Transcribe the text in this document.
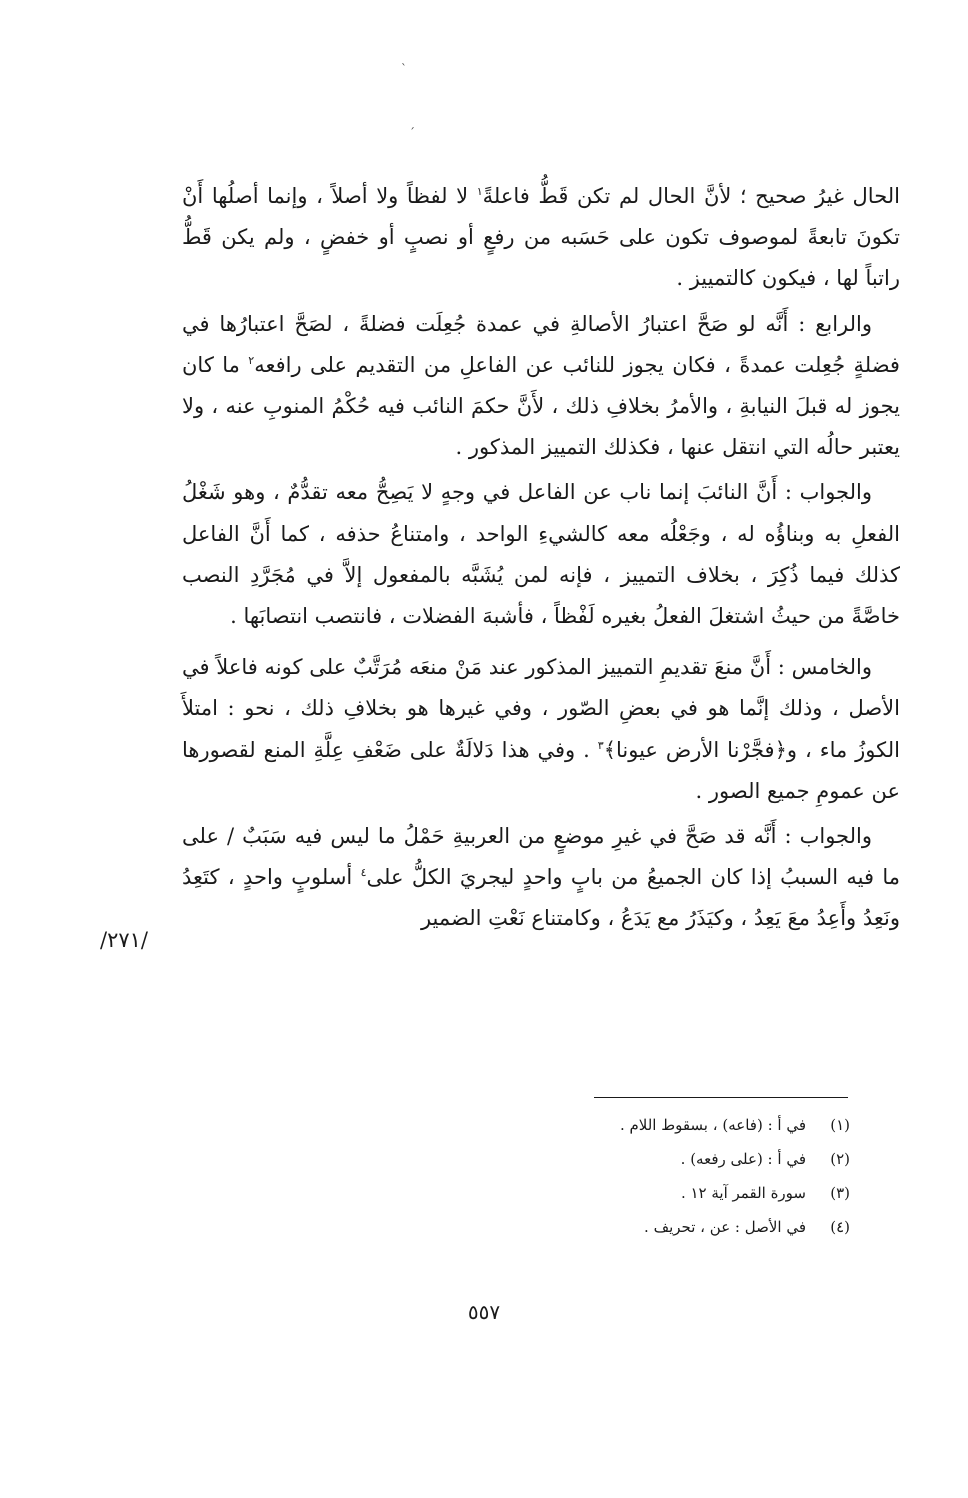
ˋ
ˊ

الحال غيرُ صحيح ؛ لأنَّ الحال لم تكن قَطُّ فاعلةً$^١$ لا لفظاً ولا أصلاً ، وإنما أصلُها أَنْ تكونَ تابعةً لموصوف تكون على حَسَبه من رفعٍ أو نصبٍ أو خفضٍ ، ولم يكن قَطُّ راتباً لها ، فيكون كالتمييز .

والرابع : أَنَّه لو صَحَّ اعتبارُ الأصالةِ في عمدة جُعِلَت فضلةً ، لصَحَّ اعتبارُها في فضلةٍ جُعِلت عمدةً ، فكان يجوز للنائب عن الفاعلِ من التقديم على رافعه$^٢$ ما كان يجوز له قبلَ النيابةِ ، والأمرُ بخلافِ ذلك ، لأَنَّ حكمَ النائب فيه حُكْمُ المنوبِ عنه ، ولا يعتبر حالُه التي انتقل عنها ، فكذلك التمييز المذكور .

والجواب : أَنَّ النائبَ إنما ناب عن الفاعل في وجهٍ لا يَصِحُّ معه تقدُّمٌ ، وهو شَغْلُ الفعلِ به وبناؤُه له ، وجَعْلُه معه كالشيءِ الواحد ، وامتناعُ حذفه ، كما أَنَّ الفاعل كذلك فيما ذُكِرَ ، بخلاف التمييز ، فإنه لمن يُشَبَّه بالمفعول إلاَّ في مُجَرَّدِ النصب خاصَّةً من حيثُ اشتغلَ الفعلُ بغيره لَفْظاً ، فأشبهَ الفضلات ، فانتصب انتصابَها .

والخامس : أَنَّ منعَ تقديمِ التمييز المذكور عند مَنْ منعَه مُرَتَّبٌ على كونه فاعلاً في الأصل ، وذلك إنَّما هو في بعضِ الصّور ، وفي غيرها هو بخلافِ ذلك ، نحو : امتلأَ الكوزُ ماء ، و﴿فجَّرْنا الأرض عيونا﴾$^٣$ . وفي هذا دَلالَةٌ على ضَعْفِ عِلَّةِ المنع لقصورها عن عمومِ جميع الصور .

والجواب : أَنَّه قد صَحَّ في غيرِ موضعٍ من العربيةِ حَمْلُ ما ليس فيه سَبَبٌ / على ما فيه السببُ إذا كان الجميعُ من بابٍ واحدٍ ليجريَ الكلُّ على$^٤$ أسلوبٍ واحدٍ ، كتَعِدُ ونَعِدُ وأَعِدُ معَ يَعِدُ ، وكيَذَرُ مع يَدَعُ ، وكامتناع نَعْتِ الضمير

/٢٧١/
(١)
في أ : (فاعه) ، بسقوط اللام .
(٢)
في أ : (على رفعه) .
(٣)
سورة القمر آية ١٢ .
(٤)
في الأصل : عن ، تحريف .
٥٥٧
